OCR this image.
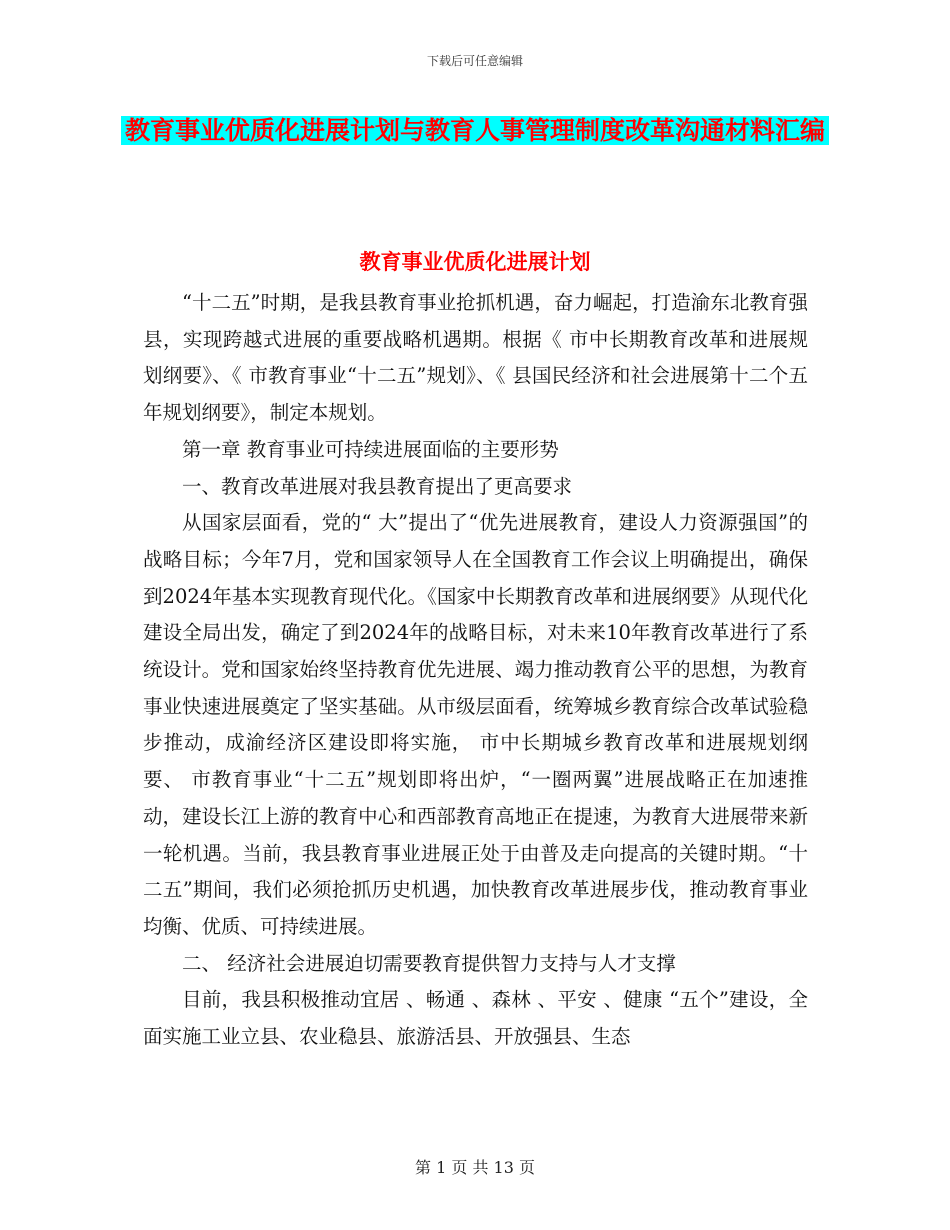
下载后可任意编辑
教育事业优质化进展计划与教育人事管理制度改革沟通材料汇编
教育事业优质化进展计划

“十二五”时期，是我县教育事业抢抓机遇，奋力崛起，打造渝东北教育强县，实现跨越式进展的重要战略机遇期。根据《 市中长期教育改革和进展规划纲要》、《 市教育事业“十二五”规划》、《 县国民经济和社会进展第十二个五年规划纲要》，制定本规划。

第一章 教育事业可持续进展面临的主要形势

一、教育改革进展对我县教育提出了更高要求

从国家层面看，党的“ 大”提出了“优先进展教育，建设人力资源强国”的战略目标；今年7月，党和国家领导人在全国教育工作会议上明确提出，确保到2024年基本实现教育现代化。《国家中长期教育改革和进展纲要》从现代化建设全局出发，确定了到2024年的战略目标，对未来10年教育改革进行了系统设计。党和国家始终坚持教育优先进展、竭力推动教育公平的思想，为教育事业快速进展奠定了坚实基础。从市级层面看，统筹城乡教育综合改革试验稳步推动，成渝经济区建设即将实施， 市中长期城乡教育改革和进展规划纲要、 市教育事业“十二五”规划即将出炉，“一圈两翼”进展战略正在加速推动，建设长江上游的教育中心和西部教育高地正在提速，为教育大进展带来新一轮机遇。当前，我县教育事业进展正处于由普及走向提高的关键时期。“十二五”期间，我们必须抢抓历史机遇，加快教育改革进展步伐，推动教育事业均衡、优质、可持续进展。

二、 经济社会进展迫切需要教育提供智力支持与人才支撑

目前，我县积极推动宜居 、畅通 、森林 、平安 、健康 “五个”建设，全面实施工业立县、农业稳县、旅游活县、开放强县、生态

第 1 页 共 13 页
